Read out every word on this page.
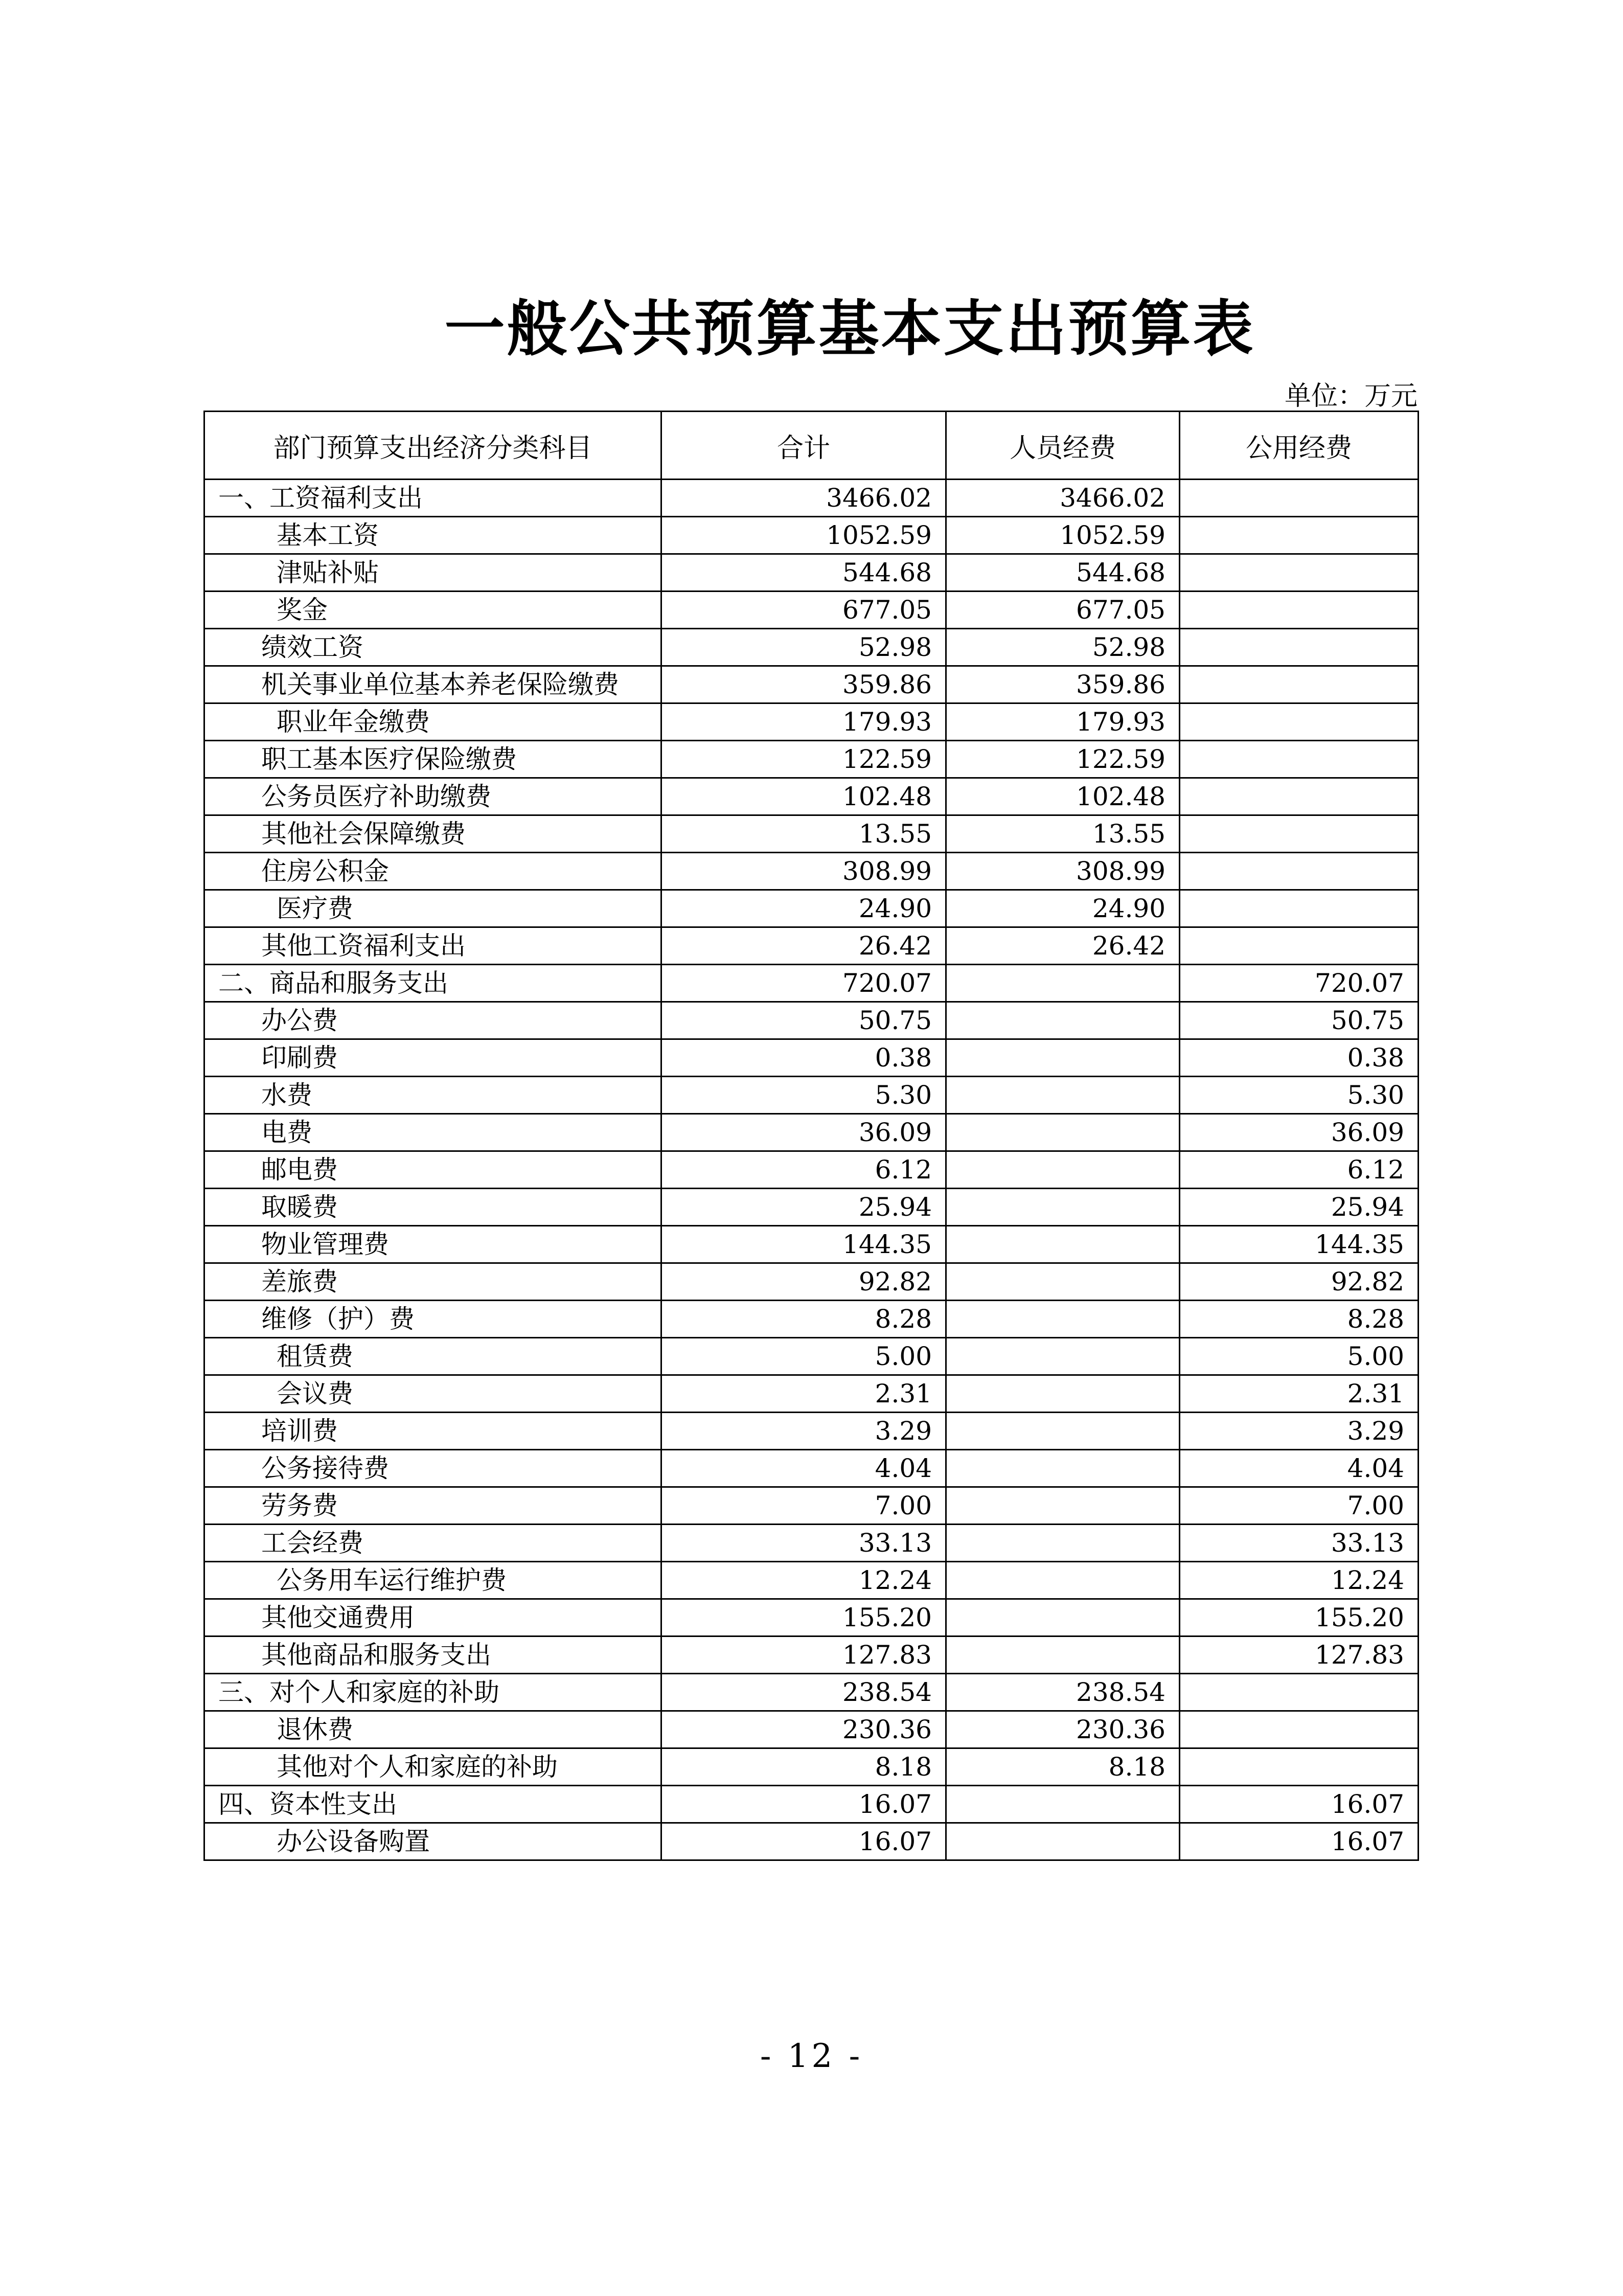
一般公共预算基本支出预算表
单位：万元
部门预算支出经济分类科目	合计	人员经费	公用经费
一、工资福利支出	3466.02	3466.02	
基本工资	1052.59	1052.59	
津贴补贴	544.68	544.68	
奖金	677.05	677.05	
绩效工资	52.98	52.98	
机关事业单位基本养老保险缴费	359.86	359.86	
职业年金缴费	179.93	179.93	
职工基本医疗保险缴费	122.59	122.59	
公务员医疗补助缴费	102.48	102.48	
其他社会保障缴费	13.55	13.55	
住房公积金	308.99	308.99	
医疗费	24.90	24.90	
其他工资福利支出	26.42	26.42	
二、商品和服务支出	720.07		720.07
办公费	50.75		50.75
印刷费	0.38		0.38
水费	5.30		5.30
电费	36.09		36.09
邮电费	6.12		6.12
取暖费	25.94		25.94
物业管理费	144.35		144.35
差旅费	92.82		92.82
维修（护）费	8.28		8.28
租赁费	5.00		5.00
会议费	2.31		2.31
培训费	3.29		3.29
公务接待费	4.04		4.04
劳务费	7.00		7.00
工会经费	33.13		33.13
公务用车运行维护费	12.24		12.24
其他交通费用	155.20		155.20
其他商品和服务支出	127.83		127.83
三、对个人和家庭的补助	238.54	238.54	
退休费	230.36	230.36	
其他对个人和家庭的补助	8.18	8.18	
四、资本性支出	16.07		16.07
办公设备购置	16.07		16.07
- 12 -
